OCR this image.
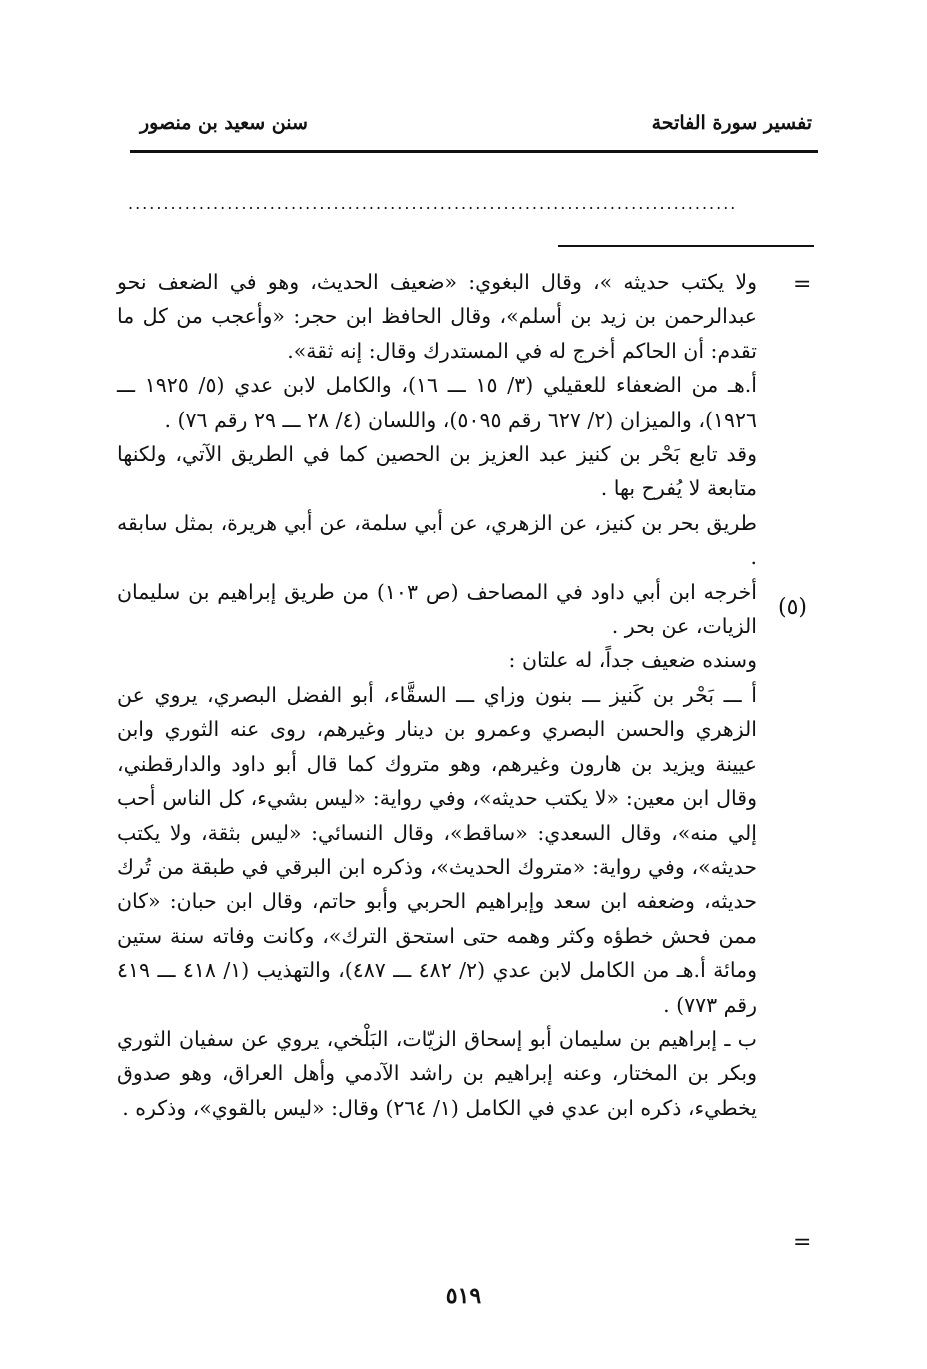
تفسير سورة الفاتحة
سنن سعيد بن منصور
......................................................................................
=
(٥)
=

ولا يكتب حديثه »، وقال البغوي: «ضعيف الحديث، وهو في الضعف نحو عبدالرحمن بن زيد بن أسلم»، وقال الحافظ ابن حجر: «وأعجب من كل ما تقدم: أن الحاكم أخرج له في المستدرك وقال: إنه ثقة».

أ.هـ من الضعفاء للعقيلي (٣/ ١٥ ـــ ١٦)، والكامل لابن عدي (٥/ ١٩٢٥ ـــ ١٩٢٦)، والميزان (٢/ ٦٢٧ رقم ٥٠٩٥)، واللسان (٤/ ٢٨ ـــ ٢٩ رقم ٧٦) .

وقد تابع بَحْر بن كنيز عبد العزيز بن الحصين كما في الطريق الآتي، ولكنها متابعة لا يُفرح بها .

طريق بحر بن كنيز، عن الزهري، عن أبي سلمة، عن أبي هريرة، بمثل سابقه .

أخرجه ابن أبي داود في المصاحف (ص ١٠٣) من طريق إبراهيم بن سليمان الزيات، عن بحر .

وسنده ضعيف جداً، له علتان :

أ ـــ بَحْر بن كَنيز ـــ بنون وزاي ـــ السقَّاء، أبو الفضل البصري، يروي عن الزهري والحسن البصري وعمرو بن دينار وغيرهم، روى عنه الثوري وابن عيينة ويزيد بن هارون وغيرهم، وهو متروك كما قال أبو داود والدارقطني، وقال ابن معين: «لا يكتب حديثه»، وفي رواية: «ليس بشيء، كل الناس أحب إلي منه»، وقال السعدي: «ساقط»، وقال النسائي: «ليس بثقة، ولا يكتب حديثه»، وفي رواية: «متروك الحديث»، وذكره ابن البرقي في طبقة من تُرك حديثه، وضعفه ابن سعد وإبراهيم الحربي وأبو حاتم، وقال ابن حبان: «كان ممن فحش خطؤه وكثر وهمه حتى استحق الترك»، وكانت وفاته سنة ستين ومائة أ.هـ من الكامل لابن عدي (٢/ ٤٨٢ ـــ ٤٨٧)، والتهذيب (١/ ٤١٨ ـــ ٤١٩ رقم ٧٧٣) .

ب ـ إبراهيم بن سليمان أبو إسحاق الزيّات، البَلْخي، يروي عن سفيان الثوري وبكر بن المختار، وعنه إبراهيم بن راشد الآدمي وأهل العراق، وهو صدوق يخطيء، ذكره ابن عدي في الكامل (١/ ٢٦٤) وقال: «ليس بالقوي»، وذكره .

٥١٩
